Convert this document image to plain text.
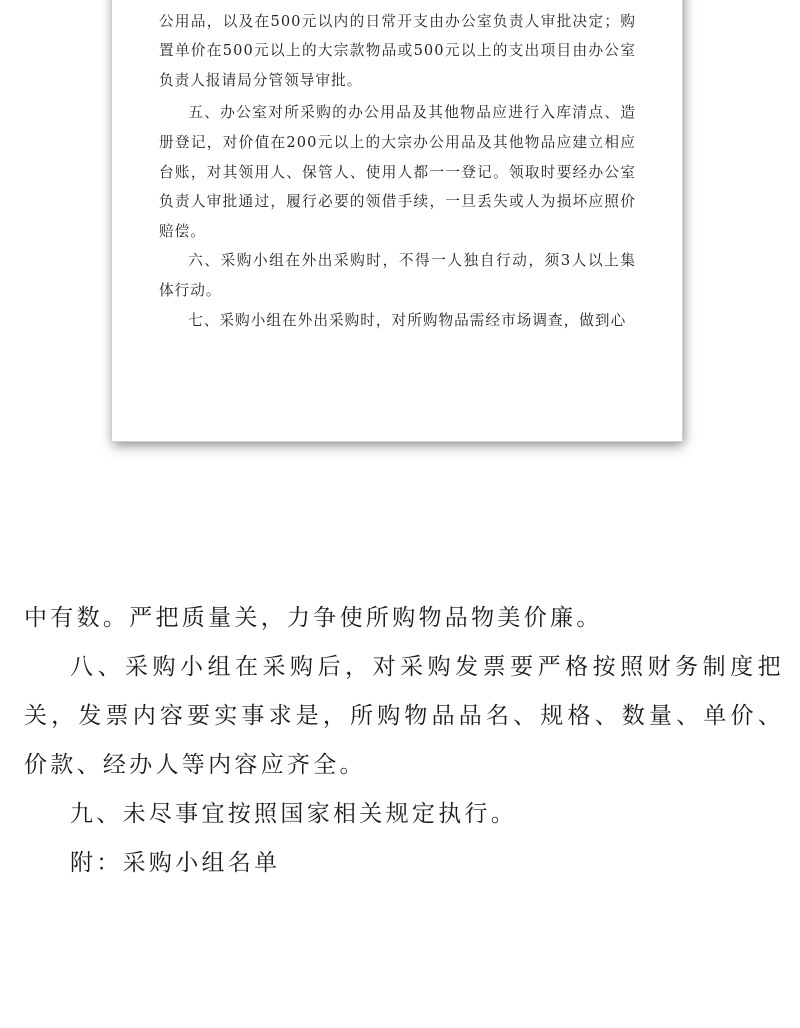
公用品，以及在500元以内的日常开支由办公室负责人审批决定；购置单价在500元以上的大宗款物品或500元以上的支出项目由办公室负责人报请局分管领导审批。

五、办公室对所采购的办公用品及其他物品应进行入库清点、造册登记，对价值在200元以上的大宗办公用品及其他物品应建立相应台账，对其领用人、保管人、使用人都一一登记。领取时要经办公室负责人审批通过，履行必要的领借手续，一旦丢失或人为损坏应照价赔偿。

六、采购小组在外出采购时，不得一人独自行动，须3人以上集体行动。

七、采购小组在外出采购时，对所购物品需经市场调查，做到心

中有数。严把质量关，力争使所购物品物美价廉。

八、采购小组在采购后，对采购发票要严格按照财务制度把关，发票内容要实事求是，所购物品品名、规格、数量、单价、价款、经办人等内容应齐全。

九、未尽事宜按照国家相关规定执行。

附：采购小组名单
